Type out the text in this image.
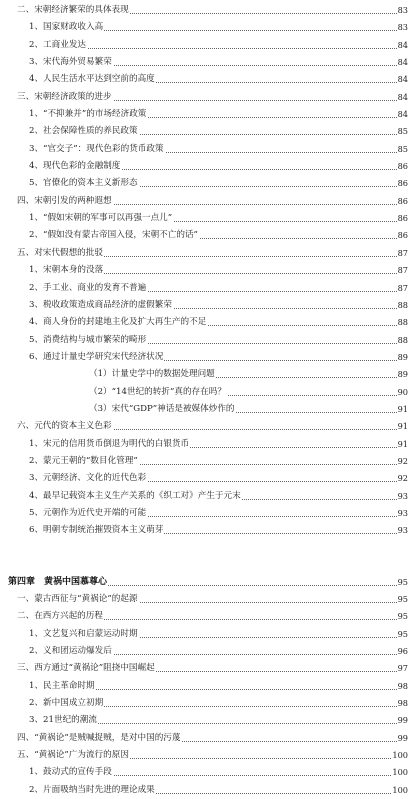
二、宋朝经济繁荣的具体表现	83
1、国家财政收入高	83
2、工商业发达	84
3、宋代海外贸易繁荣	84
4、人民生活水平达到空前的高度	84
三、宋朝经济政策的进步	84
1、“不抑兼并”的市场经济政策	84
2、社会保障性质的养民政策	85
3、“官交子”：现代色彩的货币政策	85
4、现代色彩的金融制度	86
5、官僚化的资本主义新形态	86
四、宋朝引发的两种遐想	86
1、“假如宋朝的军事可以再强一点儿”	86
2、“假如没有蒙古帝国入侵，宋朝不亡的话”	86
五、对宋代假想的批驳	87
1、宋朝本身的没落	87
2、手工业、商业的发育不普遍	87
3、税收政策造成商品经济的虚假繁荣	88
4、商人身份的封建地主化及扩大再生产的不足	88
5、消费结构与城市繁荣的畸形	88
6、通过计量史学研究宋代经济状况	89
（1）计量史学中的数据处理问题	89
（2）“14世纪的转折”真的存在吗？	90
（3）宋代“GDP”神话是被媒体炒作的	91
六、元代的资本主义色彩	91
1、宋元的信用货币倒退为明代的白银货币	91
2、蒙元王朝的“数目化管理”	92
3、元朝经济、文化的近代色彩	92
4、最早记载资本主义生产关系的《织工对》产生于元末	93
5、元朝作为近代史开端的可能	93
6、明朝专制统治摧毁资本主义萌芽	93
第四章　黄祸中国慕尊心	95
一、蒙古西征与“黄祸论”的起源	95
二、在西方兴起的历程	95
1、文艺复兴和启蒙运动时期	95
2、义和团运动爆发后	96
三、西方通过“黄祸论”阻挠中国崛起	97
1、民主革命时期	98
2、新中国成立初期	98
3、21世纪的潮流	99
四、“黄祸论”是贼喊捉贼，是对中国的污蔑	99
五、“黄祸论”广为流行的原因	100
1、鼓动式的宣传手段	100
2、片面吸纳当时先进的理论成果	100
